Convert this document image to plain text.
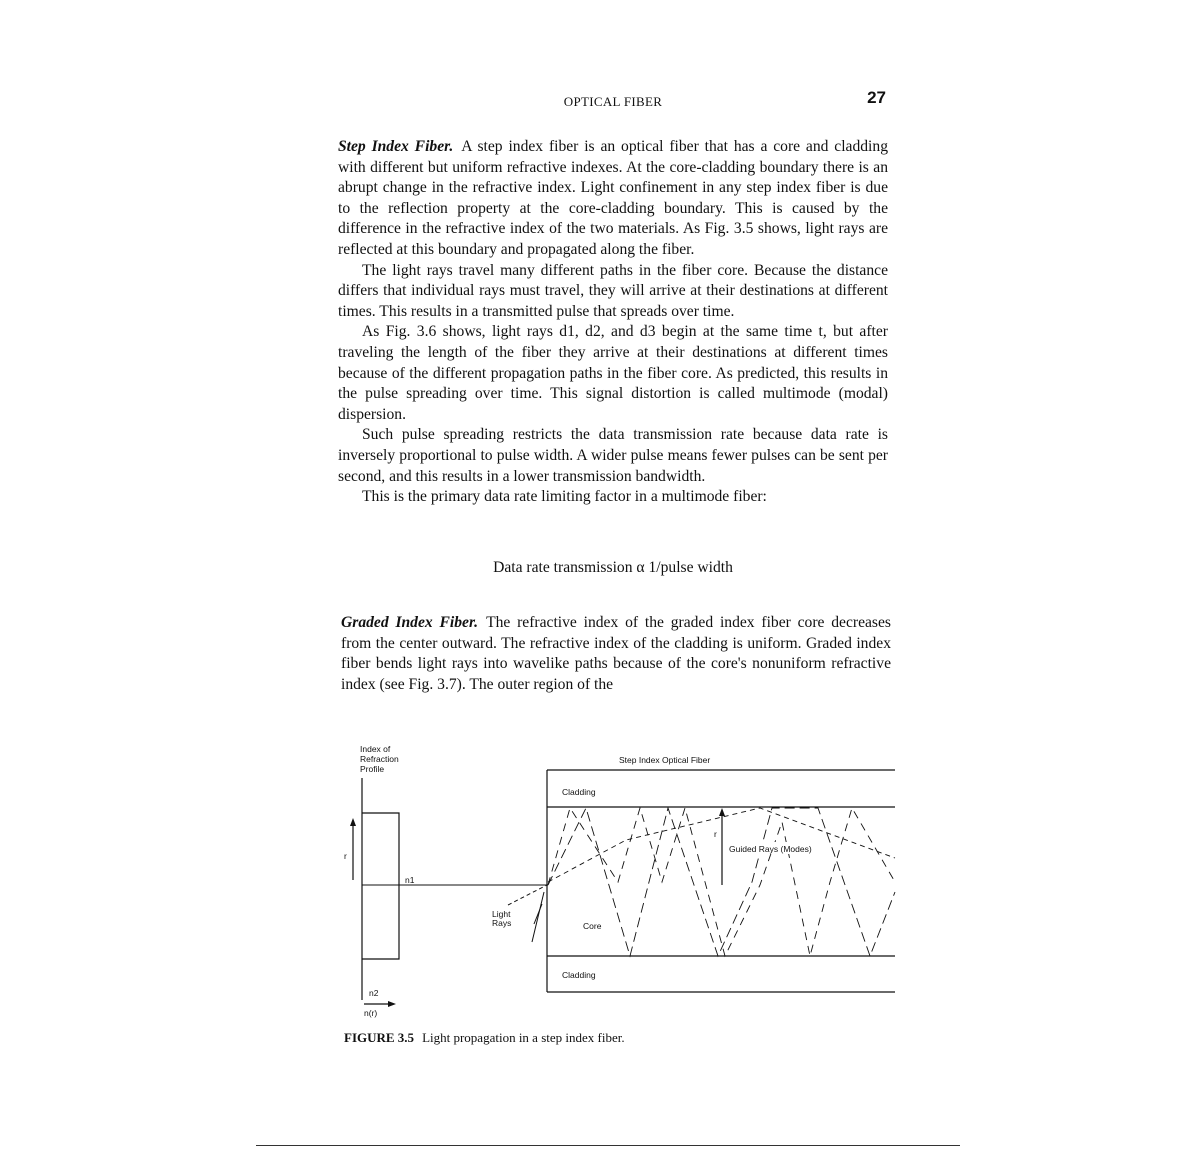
OPTICAL FIBER	27

Step Index Fiber. A step index fiber is an optical fiber that has a core and cladding with different but uniform refractive indexes. At the core-cladding boundary there is an abrupt change in the refractive index. Light confinement in any step index fiber is due to the reflection property at the core-cladding boundary. This is caused by the difference in the refractive index of the two materials. As Fig. 3.5 shows, light rays are reflected at this boundary and propagated along the fiber.

The light rays travel many different paths in the fiber core. Because the distance differs that individual rays must travel, they will arrive at their destinations at different times. This results in a transmitted pulse that spreads over time.

As Fig. 3.6 shows, light rays d1, d2, and d3 begin at the same time t, but after traveling the length of the fiber they arrive at their destinations at different times because of the different propagation paths in the fiber core. As predicted, this results in the pulse spreading over time. This signal distortion is called multimode (modal) dispersion.

Such pulse spreading restricts the data transmission rate because data rate is inversely proportional to pulse width. A wider pulse means fewer pulses can be sent per second, and this results in a lower transmission bandwidth.

This is the primary data rate limiting factor in a multimode fiber:

Data rate transmission α 1/pulse width

Graded Index Fiber. The refractive index of the graded index fiber core decreases from the center outward. The refractive index of the cladding is uniform. Graded index fiber bends light rays into wavelike paths because of the core's nonuniform refractive index (see Fig. 3.7). The outer region of the

Index of
Refraction
Profile
r
n1
n2
n(r)
Step Index Optical Fiber
Cladding
Cladding
Core
Light
Rays
r
Guided Rays (Modes)
FIGURE 3.5 Light propagation in a step index fiber.
